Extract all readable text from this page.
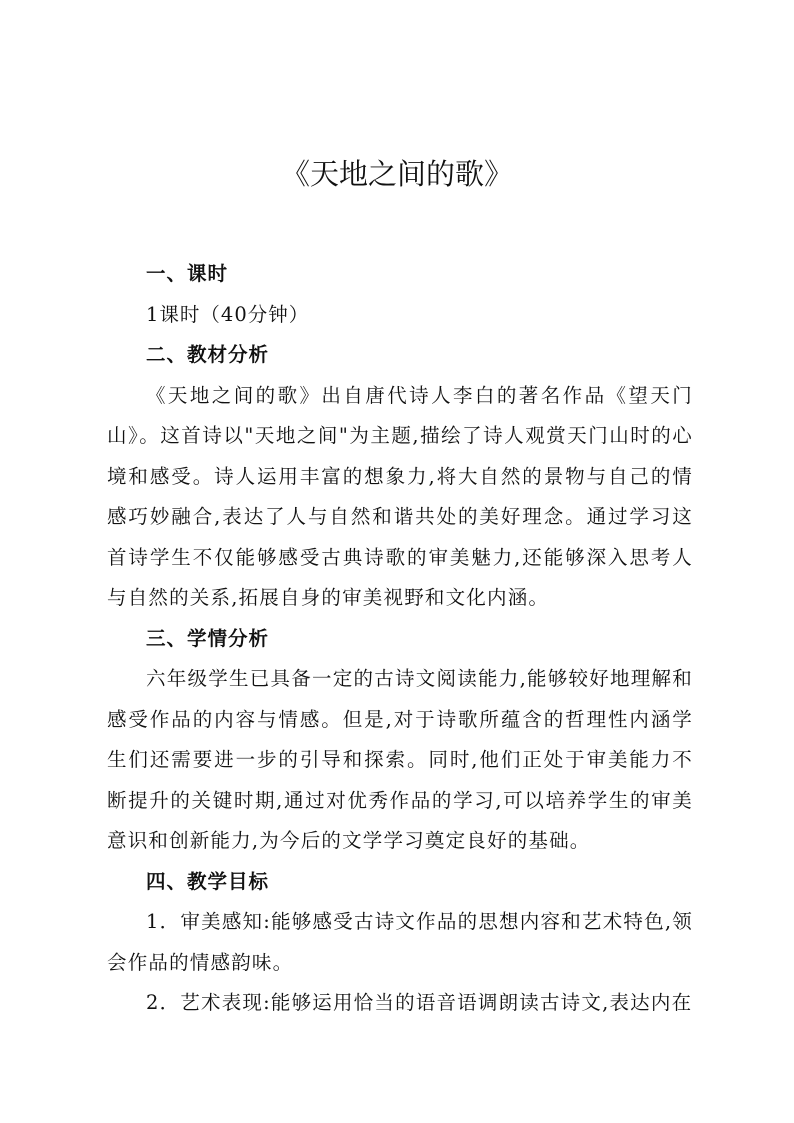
《天地之间的歌》

一、课时

1课时（40分钟）

二、教材分析

《天地之间的歌》出自唐代诗人李白的著名作品《望天门山》。这首诗以"天地之间"为主题,描绘了诗人观赏天门山时的心境和感受。诗人运用丰富的想象力,将大自然的景物与自己的情感巧妙融合,表达了人与自然和谐共处的美好理念。通过学习这首诗学生不仅能够感受古典诗歌的审美魅力,还能够深入思考人与自然的关系,拓展自身的审美视野和文化内涵。

三、学情分析

六年级学生已具备一定的古诗文阅读能力,能够较好地理解和感受作品的内容与情感。但是,对于诗歌所蕴含的哲理性内涵学生们还需要进一步的引导和探索。同时,他们正处于审美能力不断提升的关键时期,通过对优秀作品的学习,可以培养学生的审美意识和创新能力,为今后的文学学习奠定良好的基础。

四、教学目标

1．审美感知:能够感受古诗文作品的思想内容和艺术特色,领会作品的情感韵味。

2．艺术表现:能够运用恰当的语音语调朗读古诗文,表达内在
